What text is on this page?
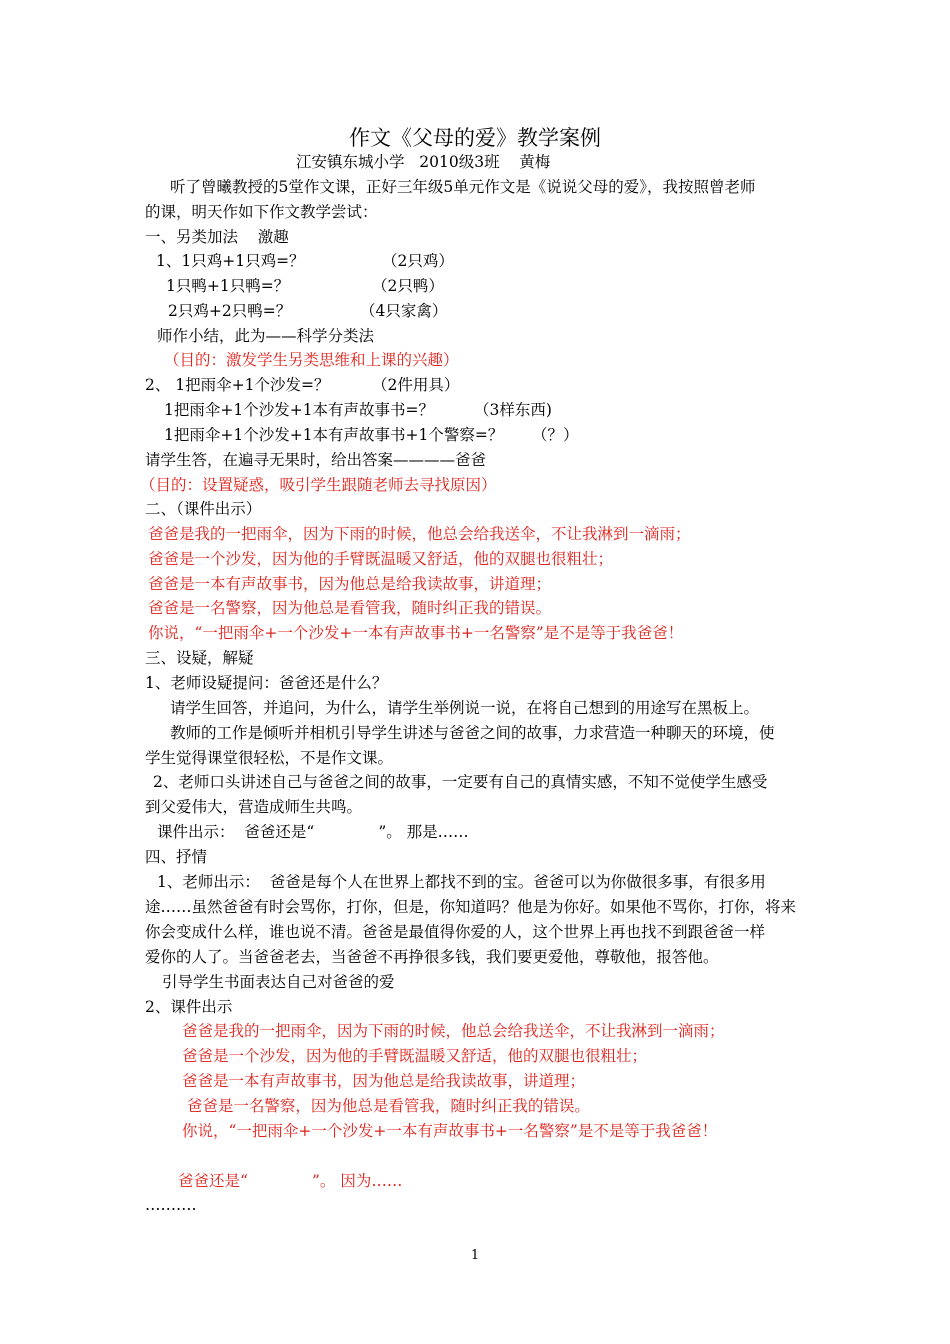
作文《父母的爱》教学案例
江安镇东城小学   2010级3班    黄梅
听了曾曦教授的5堂作文课，正好三年级5单元作文是《说说父母的爱》，我按照曾老师
的课，明天作如下作文教学尝试：
一、另类加法    激趣
1、1只鸡+1只鸡=？	（2只鸡）
1只鸭+1只鸭=？	（2只鸭）
2只鸡+2只鸭=？	（4只家禽）
师作小结，此为——科学分类法
（目的：激发学生另类思维和上课的兴趣）
2、 1把雨伞+1个沙发=？	（2件用具）
1把雨伞+1个沙发+1本有声故事书=？	（3样东西)
1把雨伞+1个沙发+1本有声故事书+1个警察=？ （？）
请学生答，在遍寻无果时，给出答案————爸爸
（目的：设置疑惑，吸引学生跟随老师去寻找原因）
二、（课件出示）
爸爸是我的一把雨伞，因为下雨的时候，他总会给我送伞，不让我淋到一滴雨；
爸爸是一个沙发，因为他的手臂既温暖又舒适，他的双腿也很粗壮；
爸爸是一本有声故事书，因为他总是给我读故事，讲道理；
爸爸是一名警察，因为他总是看管我，随时纠正我的错误。
你说，“一把雨伞+一个沙发+一本有声故事书+一名警察”是不是等于我爸爸！
三、设疑，解疑
1、老师设疑提问：爸爸还是什么？
请学生回答，并追问，为什么，请学生举例说一说，在将自己想到的用途写在黑板上。
教师的工作是倾听并相机引导学生讲述与爸爸之间的故事，力求营造一种聊天的环境，使
学生觉得课堂很轻松，不是作文课。
2、老师口头讲述自己与爸爸之间的故事，一定要有自己的真情实感，不知不觉使学生感受
到父爱伟大，营造成师生共鸣。
课件出示：  爸爸还是“             ”。 那是……
四、抒情
1、老师出示：  爸爸是每个人在世界上都找不到的宝。爸爸可以为你做很多事，有很多用
途……虽然爸爸有时会骂你，打你，但是，你知道吗？他是为你好。如果他不骂你，打你，将来
你会变成什么样，谁也说不清。爸爸是最值得你爱的人，这个世界上再也找不到跟爸爸一样
爱你的人了。当爸爸老去，当爸爸不再挣很多钱，我们要更爱他，尊敬他，报答他。
引导学生书面表达自己对爸爸的爱
2、课件出示
爸爸是我的一把雨伞，因为下雨的时候，他总会给我送伞，不让我淋到一滴雨；
爸爸是一个沙发，因为他的手臂既温暖又舒适，他的双腿也很粗壮；
爸爸是一本有声故事书，因为他总是给我读故事，讲道理；
爸爸是一名警察，因为他总是看管我，随时纠正我的错误。
你说，“一把雨伞+一个沙发+一本有声故事书+一名警察”是不是等于我爸爸！
爸爸还是“             ”。 因为……
……….
1
